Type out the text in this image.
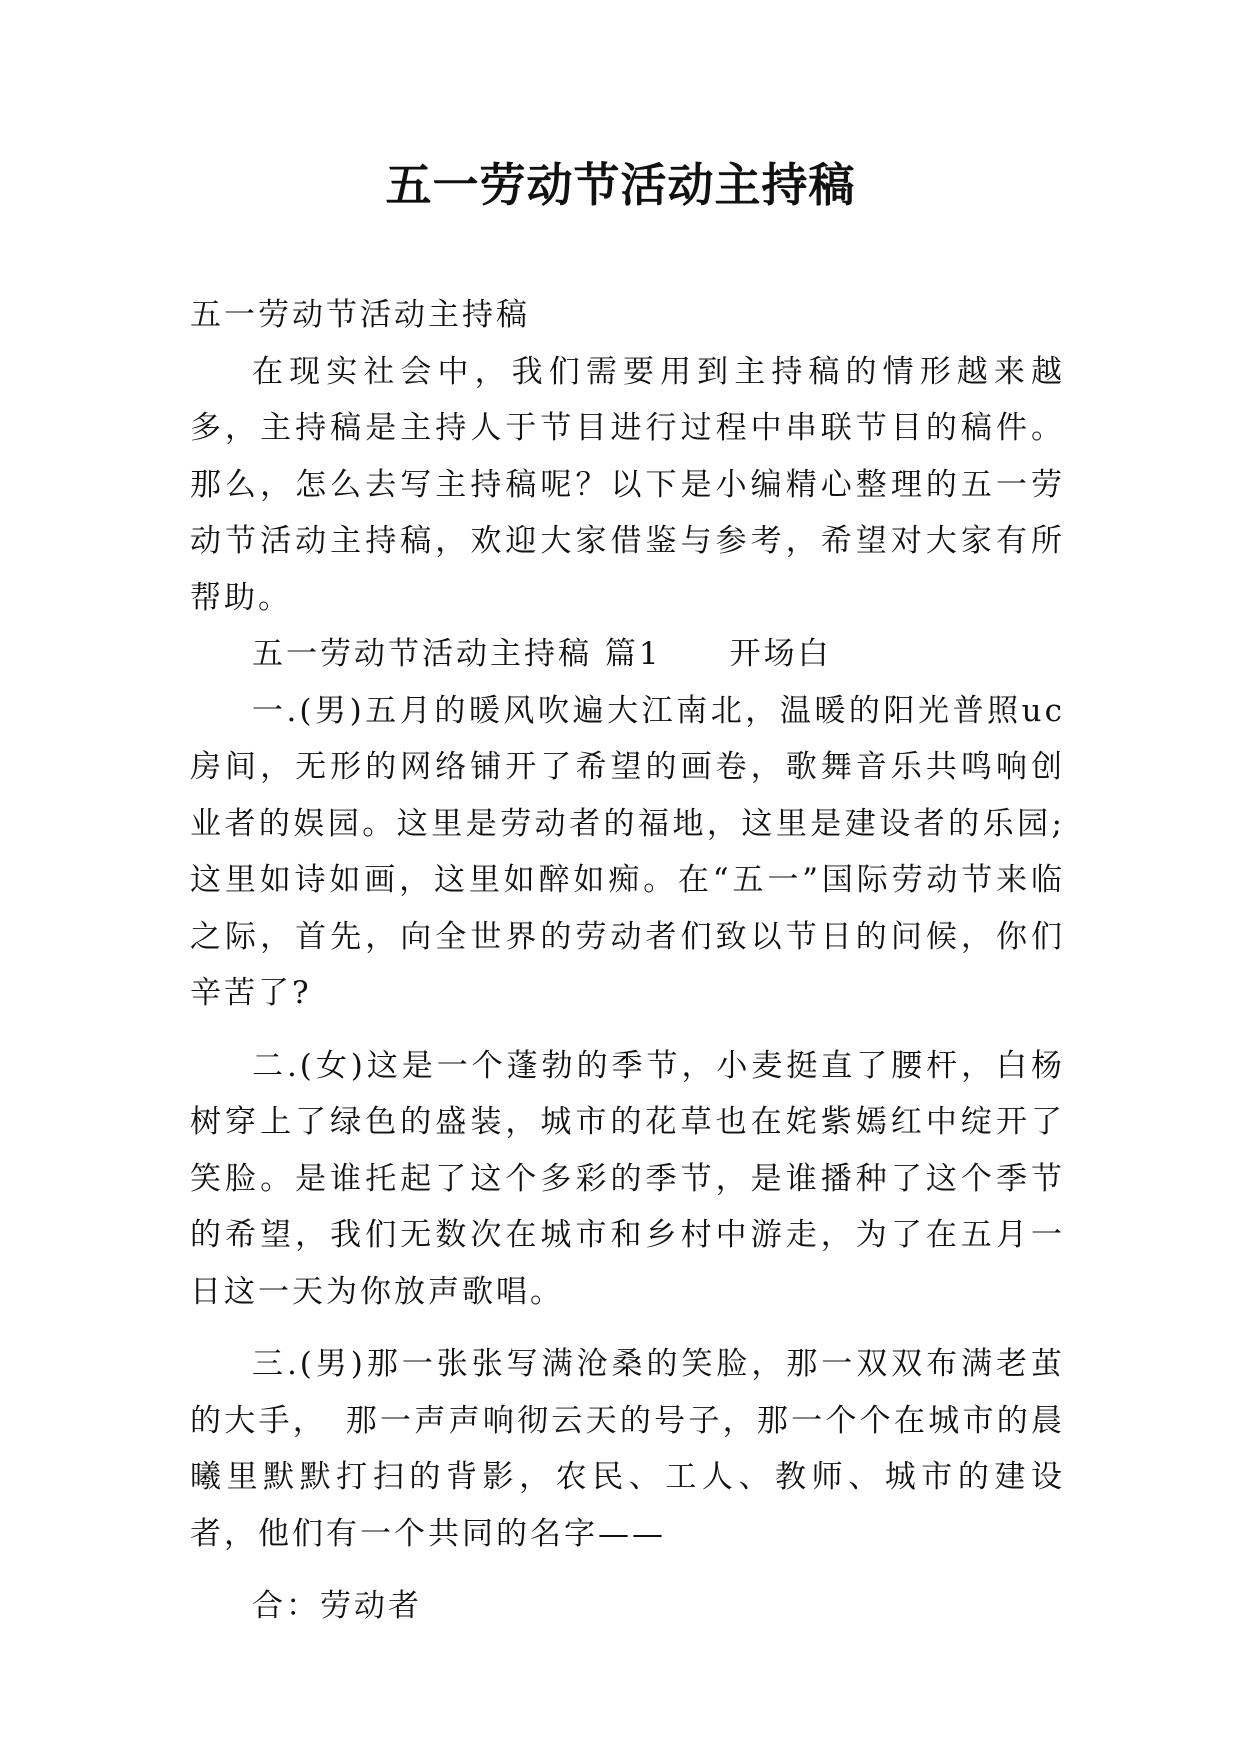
五一劳动节活动主持稿

五一劳动节活动主持稿

在现实社会中，我们需要用到主持稿的情形越来越多，主持稿是主持人于节目进行过程中串联节目的稿件。那么，怎么去写主持稿呢？以下是小编精心整理的五一劳动节活动主持稿，欢迎大家借鉴与参考，希望对大家有所帮助。

五一劳动节活动主持稿 篇1　　开场白

一.(男)五月的暖风吹遍大江南北，温暖的阳光普照uc房间，无形的网络铺开了希望的画卷，歌舞音乐共鸣响创业者的娱园。这里是劳动者的福地，这里是建设者的乐园;这里如诗如画，这里如醉如痴。在“五一”国际劳动节来临之际，首先，向全世界的劳动者们致以节日的问候，你们辛苦了?

二.(女)这是一个蓬勃的季节，小麦挺直了腰杆，白杨树穿上了绿色的盛装，城市的花草也在姹紫嫣红中绽开了笑脸。是谁托起了这个多彩的季节，是谁播种了这个季节的希望，我们无数次在城市和乡村中游走，为了在五月一日这一天为你放声歌唱。

三.(男)那一张张写满沧桑的笑脸，那一双双布满老茧的大手，　那一声声响彻云天的号子，那一个个在城市的晨曦里默默打扫的背影，农民、工人、教师、城市的建设者，他们有一个共同的名字——

合：劳动者
